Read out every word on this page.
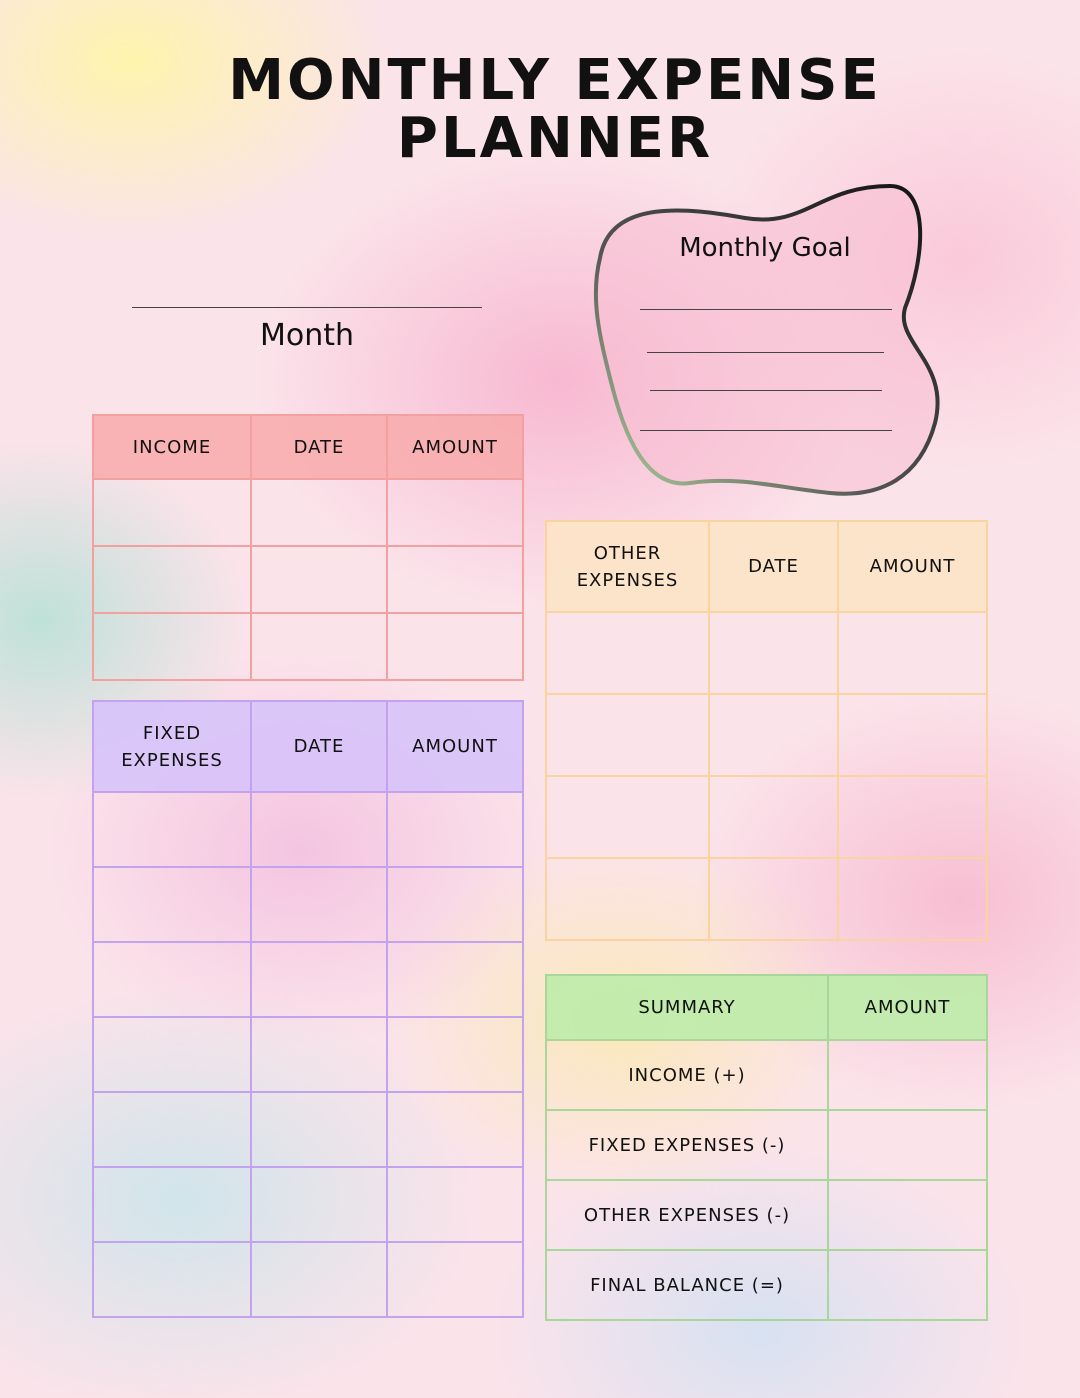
MONTHLY EXPENSE
PLANNER
Month
Monthly Goal
INCOME	DATE	AMOUNT

FIXED
EXPENSES	DATE	AMOUNT

OTHER
EXPENSES	DATE	AMOUNT

SUMMARY	AMOUNT
INCOME (+)	
FIXED EXPENSES (-)	
OTHER EXPENSES (-)	
FINAL BALANCE (=)	
